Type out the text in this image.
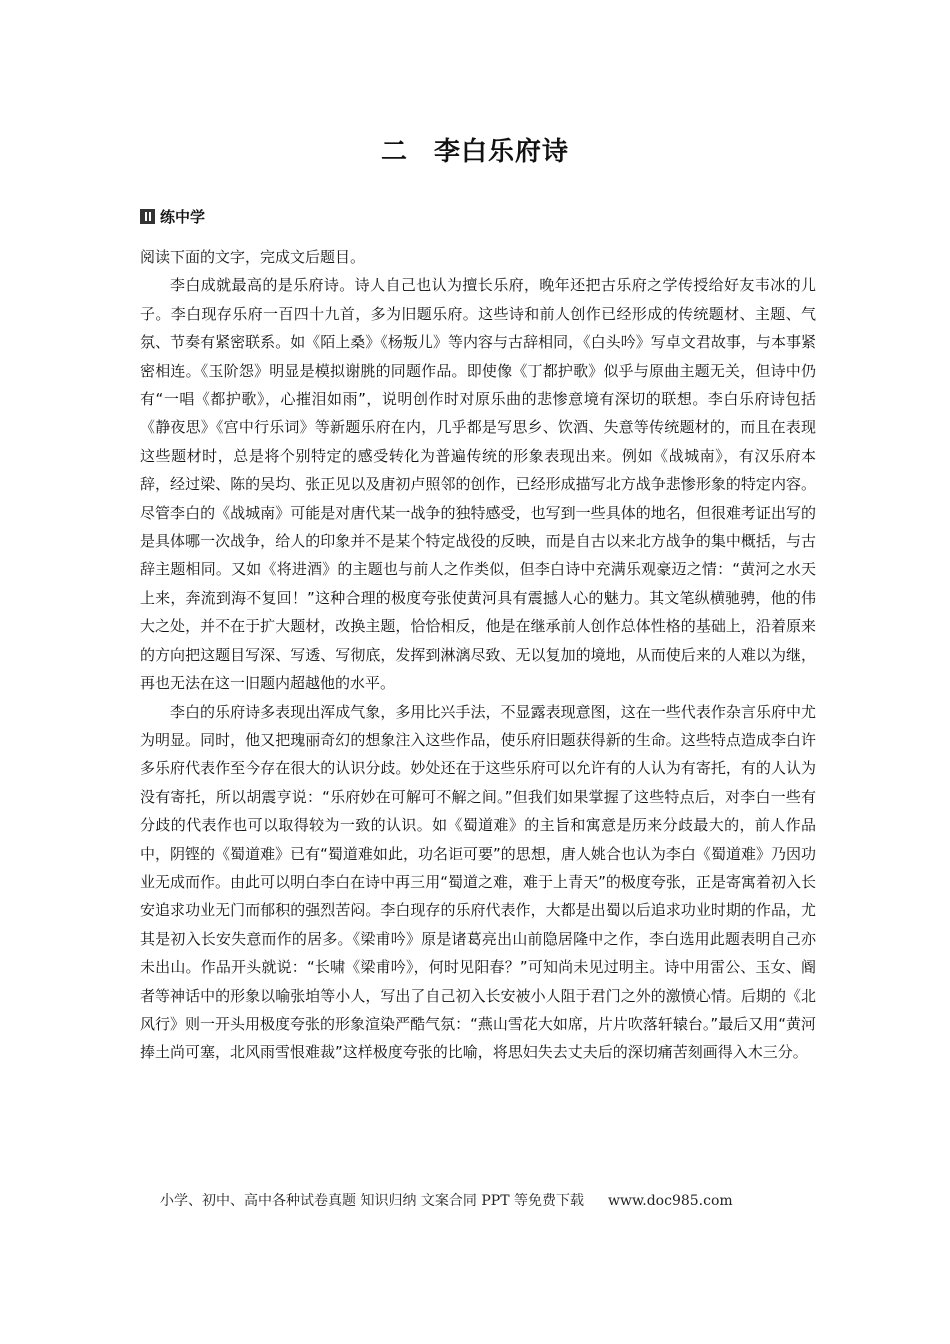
二 李白乐府诗
练中学

阅读下面的文字，完成文后题目。

李白成就最高的是乐府诗。诗人自己也认为擅长乐府，晚年还把古乐府之学传授给好友韦冰的儿子。李白现存乐府一百四十九首，多为旧题乐府。这些诗和前人创作已经形成的传统题材、主题、气氛、节奏有紧密联系。如《陌上桑》《杨叛儿》等内容与古辞相同，《白头吟》写卓文君故事，与本事紧密相连。《玉阶怨》明显是模拟谢朓的同题作品。即使像《丁都护歌》似乎与原曲主题无关，但诗中仍有“一唱《都护歌》，心摧泪如雨”，说明创作时对原乐曲的悲惨意境有深切的联想。李白乐府诗包括《静夜思》《宫中行乐词》等新题乐府在内，几乎都是写思乡、饮酒、失意等传统题材的，而且在表现这些题材时，总是将个别特定的感受转化为普遍传统的形象表现出来。例如《战城南》，有汉乐府本辞，经过梁、陈的吴均、张正见以及唐初卢照邻的创作，已经形成描写北方战争悲惨形象的特定内容。尽管李白的《战城南》可能是对唐代某一战争的独特感受，也写到一些具体的地名，但很难考证出写的是具体哪一次战争，给人的印象并不是某个特定战役的反映，而是自古以来北方战争的集中概括，与古辞主题相同。又如《将进酒》的主题也与前人之作类似，但李白诗中充满乐观豪迈之情：“黄河之水天上来，奔流到海不复回！”这种合理的极度夸张使黄河具有震撼人心的魅力。其文笔纵横驰骋，他的伟大之处，并不在于扩大题材，改换主题，恰恰相反，他是在继承前人创作总体性格的基础上，沿着原来的方向把这题目写深、写透、写彻底，发挥到淋漓尽致、无以复加的境地，从而使后来的人难以为继，再也无法在这一旧题内超越他的水平。

李白的乐府诗多表现出浑成气象，多用比兴手法，不显露表现意图，这在一些代表作杂言乐府中尤为明显。同时，他又把瑰丽奇幻的想象注入这些作品，使乐府旧题获得新的生命。这些特点造成李白许多乐府代表作至今存在很大的认识分歧。妙处还在于这些乐府可以允许有的人认为有寄托，有的人认为没有寄托，所以胡震亨说：“乐府妙在可解可不解之间。”但我们如果掌握了这些特点后，对李白一些有分歧的代表作也可以取得较为一致的认识。如《蜀道难》的主旨和寓意是历来分歧最大的，前人作品中，阴铿的《蜀道难》已有“蜀道难如此，功名讵可要”的思想，唐人姚合也认为李白《蜀道难》乃因功业无成而作。由此可以明白李白在诗中再三用“蜀道之难，难于上青天”的极度夸张，正是寄寓着初入长安追求功业无门而郁积的强烈苦闷。李白现存的乐府代表作，大都是出蜀以后追求功业时期的作品，尤其是初入长安失意而作的居多。《梁甫吟》原是诸葛亮出山前隐居隆中之作，李白选用此题表明自己亦未出山。作品开头就说：“长啸《梁甫吟》，何时见阳春？”可知尚未见过明主。诗中用雷公、玉女、阍者等神话中的形象以喻张垍等小人，写出了自己初入长安被小人阻于君门之外的激愤心情。后期的《北风行》则一开头用极度夸张的形象渲染严酷气氛：“燕山雪花大如席，片片吹落轩辕台。”最后又用“黄河捧土尚可塞，北风雨雪恨难裁”这样极度夸张的比喻，将思妇失去丈夫后的深切痛苦刻画得入木三分。

小学、初中、高中各种试卷真题 知识归纳 文案合同 PPT 等免费下载 www.doc985.com
